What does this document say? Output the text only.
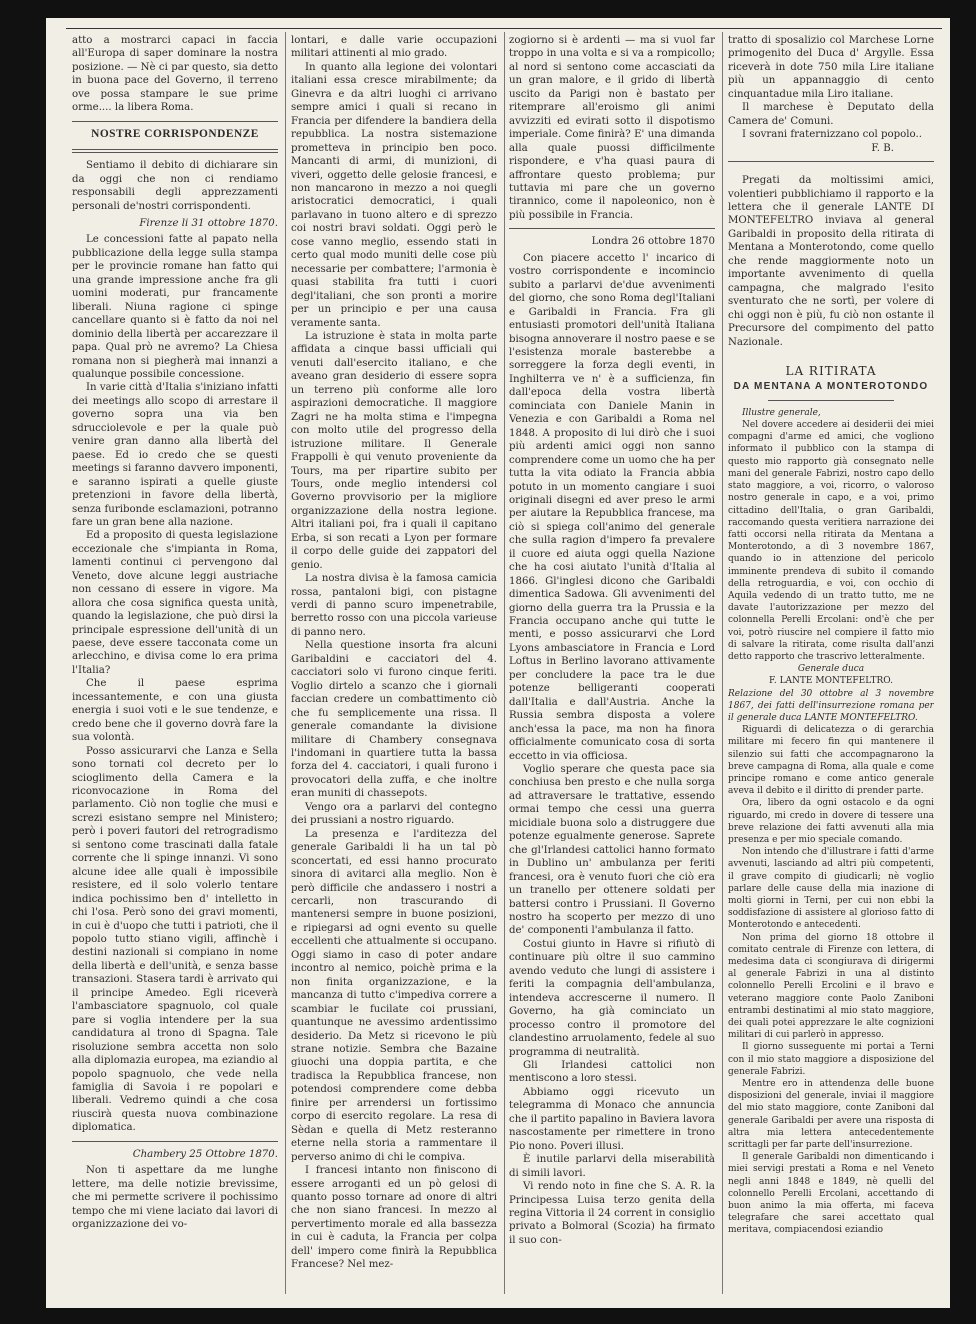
atto a mostrarci capaci in faccia all'Europa di saper dominare la nostra posizione. — Nè ci par questo, sia detto in buona pace del Governo, il terreno ove possa stampare le sue prime orme.... la libera Roma.

NOSTRE CORRISPONDENZE

Sentiamo il debito di dichiarare sin da oggi che non ci rendiamo responsabili degli apprezzamenti personali de'nostri corrispondenti.

Firenze li 31 ottobre 1870.

Le concessioni fatte al papato nella pubblicazione della legge sulla stampa per le provincie romane han fatto qui una grande impressione anche fra gli uomini moderati, pur francamente liberali. Niuna ragione ci spinge cancellare quanto si è fatto da noi nel dominio della libertà per accarezzare il papa. Qual prò ne avremo? La Chiesa romana non si piegherà mai innanzi a qualunque possibile concessione.

In varie città d'Italia s'iniziano infatti dei meetings allo scopo di arrestare il governo sopra una via ben sdrucciolevole e per la quale può venire gran danno alla libertà del paese. Ed io credo che se questi meetings si faranno davvero imponenti, e saranno ispirati a quelle giuste pretenzioni in favore della libertà, senza furibonde esclamazioni, potranno fare un gran bene alla nazione.

Ed a proposito di questa legislazione eccezionale che s'impianta in Roma, lamenti continui ci pervengono dal Veneto, dove alcune leggi austriache non cessano di essere in vigore. Ma allora che cosa significa questa unità, quando la legislazione, che può dirsi la principale espressione dell'unità di un paese, deve essere tacconata come un arlecchino, e divisa come lo era prima l'Italia?

Che il paese esprima incessantemente, e con una giusta energia i suoi voti e le sue tendenze, e credo bene che il governo dovrà fare la sua volontà.

Posso assicurarvi che Lanza e Sella sono tornati col decreto per lo scioglimento della Camera e la riconvocazione in Roma del parlamento. Ciò non toglie che musi e screzi esistano sempre nel Ministero; però i poveri fautori del retrogradismo si sentono come trascinati dalla fatale corrente che li spinge innanzi. Vi sono alcune idee alle quali è impossibile resistere, ed il solo volerlo tentare indica pochissimo ben d' intelletto in chi l'osa. Però sono dei gravi momenti, in cui è d'uopo che tutti i patrioti, che il popolo tutto stiano vigili, affinchè i destini nazionali si compiano in nome della libertà e dell'unità, e senza basse transazioni. Stasera tardi è arrivato qui il principe Amedeo. Egli riceverà l'ambasciatore spagnuolo, col quale pare si voglia intendere per la sua candidatura al trono di Spagna. Tale risoluzione sembra accetta non solo alla diplomazia europea, ma eziandio al popolo spagnuolo, che vede nella famiglia di Savoia i re popolari e liberali. Vedremo quindi a che cosa riuscirà questa nuova combinazione diplomatica.

Chambery 25 Ottobre 1870.

Non ti aspettare da me lunghe lettere, ma delle notizie brevissime, che mi permette scrivere il pochissimo tempo che mi viene laciato dai lavori di organizzazione dei vo-

lontari, e dalle varie occupazioni militari attinenti al mio grado.

In quanto alla legione dei volontari italiani essa cresce mirabilmente; da Ginevra e da altri luoghi ci arrivano sempre amici i quali si recano in Francia per difendere la bandiera della repubblica. La nostra sistemazione prometteva in principio ben poco. Mancanti di armi, di munizioni, di viveri, oggetto delle gelosie francesi, e non mancarono in mezzo a noi quegli aristocratici democratici, i quali parlavano in tuono altero e di sprezzo coi nostri bravi soldati. Oggi però le cose vanno meglio, essendo stati in certo qual modo muniti delle cose più necessarie per combattere; l'armonia è quasi stabilita fra tutti i cuori degl'italiani, che son pronti a morire per un principio e per una causa veramente santa.

La istruzione è stata in molta parte affidata a cinque bassi ufficiali qui venuti dall'esercito italiano, e che aveano gran desiderio di essere sopra un terreno più conforme alle loro aspirazioni democratiche. Il maggiore Zagri ne ha molta stima e l'impegna con molto utile del progresso della istruzione militare. Il Generale Frappolli è qui venuto proveniente da Tours, ma per ripartire subito per Tours, onde meglio intendersi col Governo provvisorio per la migliore organizzazione della nostra legione. Altri italiani poi, fra i quali il capitano Erba, si son recati a Lyon per formare il corpo delle guide dei zappatori del genio.

La nostra divisa è la famosa camicia rossa, pantaloni bigi, con pistagne verdi di panno scuro impenetrabile, berretto rosso con una piccola varieuse di panno nero.

Nella questione insorta fra alcuni Garibaldini e cacciatori del 4. cacciatori solo vi furono cinque feriti. Voglio dirtelo a scanzo che i giornali faccian credere un combattimento ciò che fu semplicemente una rissa. Il generale comandante la divisione militare di Chambery consegnava l'indomani in quartiere tutta la bassa forza del 4. cacciatori, i quali furono i provocatori della zuffa, e che inoltre eran muniti di chassepots.

Vengo ora a parlarvi del contegno dei prussiani a nostro riguardo.

La presenza e l'arditezza del generale Garibaldi li ha un tal pò sconcertati, ed essi hanno procurato sinora di avitarci alla meglio. Non è però difficile che andassero i nostri a cercarli, non trascurando di mantenersi sempre in buone posizioni, e ripiegarsi ad ogni evento su quelle eccellenti che attualmente si occupano. Oggi siamo in caso di poter andare incontro al nemico, poichè prima e la non finita organizzazione, e la mancanza di tutto c'impediva correre a scambiar le fucilate coi prussiani, quantunque ne avessimo ardentissimo desiderio. Da Metz si ricevono le più strane notizie. Sembra che Bazaine giuochi una doppia partita, e che tradisca la Repubblica francese, non potendosi comprendere come debba finire per arrendersi un fortissimo corpo di esercito regolare. La resa di Sèdan e quella di Metz resteranno eterne nella storia a rammentare il perverso animo di chi le compiva.

I francesi intanto non finiscono di essere arroganti ed un pò gelosi di quanto posso tornare ad onore di altri che non siano francesi. In mezzo al pervertimento morale ed alla bassezza in cui è caduta, la Francia per colpa dell' impero come finirà la Repubblica Francese? Nel mez-

zogiorno si è ardenti — ma si vuol far troppo in una volta e si va a rompicollo; al nord si sentono come accasciati da un gran malore, e il grido di libertà uscito da Parigi non è bastato per ritemprare all'eroismo gli animi avvizziti ed evirati sotto il dispotismo imperiale. Come finirà? E' una dimanda alla quale puossi difficilmente rispondere, e v'ha quasi paura di affrontare questo problema; pur tuttavia mi pare che un governo tirannico, come il napoleonico, non è più possibile in Francia.

Londra 26 ottobre 1870

Con piacere accetto l' incarico di vostro corrispondente e incomincio subito a parlarvi de'due avvenimenti del giorno, che sono Roma degl'Italiani e Garibaldi in Francia. Fra gli entusiasti promotori dell'unità Italiana bisogna annoverare il nostro paese e se l'esistenza morale basterebbe a sorreggere la forza degli eventi, in Inghilterra ve n' è a sufficienza, fin dall'epoca della vostra libertà cominciata con Daniele Manin in Venezia e con Garibaldi a Roma nel 1848. A proposito di lui dirò che i suoi più ardenti amici oggi non sanno comprendere come un uomo che ha per tutta la vita odiato la Francia abbia potuto in un momento cangiare i suoi originali disegni ed aver preso le armi per aiutare la Repubblica francese, ma ciò si spiega coll'animo del generale che sulla ragion d'impero fa prevalere il cuore ed aiuta oggi quella Nazione che ha cosi aiutato l'unità d'Italia al 1866. Gl'inglesi dicono che Garibaldi dimentica Sadowa. Gli avvenimenti del giorno della guerra tra la Prussia e la Francia occupano anche qui tutte le menti, e posso assicurarvi che Lord Lyons ambasciatore in Francia e Lord Loftus in Berlino lavorano attivamente per concludere la pace tra le due potenze belligeranti cooperati dall'Italia e dall'Austria. Anche la Russia sembra disposta a volere anch'essa la pace, ma non ha finora officialmente comunicato cosa di sorta eccetto in via officiosa.

Voglio sperare che questa pace sia conchiusa ben presto e che nulla sorga ad attraversare le trattative, essendo ormai tempo che cessi una guerra micidiale buona solo a distruggere due potenze egualmente generose. Saprete che gl'Irlandesi cattolici hanno formato in Dublino un' ambulanza per feriti francesi, ora è venuto fuori che ciò era un tranello per ottenere soldati per battersi contro i Prussiani. Il Governo nostro ha scoperto per mezzo di uno de' componenti l'ambulanza il fatto.

Costui giunto in Havre si rifiutò di continuare più oltre il suo cammino avendo veduto che lungi di assistere i feriti la compagnia dell'ambulanza, intendeva accrescerne il numero. Il Governo, ha già cominciato un processo contro il promotore del clandestino arruolamento, fedele al suo programma di neutralità.

Gli Irlandesi cattolici non mentiscono a loro stessi.

Abbiamo oggi ricevuto un telegramma di Monaco che annuncia che il partito papalino in Baviera lavora nascostamente per rimettere in trono Pio nono. Poveri illusi.

È inutile parlarvi della miserabilità di simili lavori.

Vi rendo noto in fine che S. A. R. la Principessa Luisa terzo genita della regina Vittoria il 24 corrent in consiglio privato a Bolmoral (Scozia) ha firmato il suo con-

tratto di sposalizio col Marchese Lorne primogenito del Duca d' Argylle. Essa riceverà in dote 750 mila Lire italiane più un appannaggio di cento cinquantadue mila Liro italiane.

Il marchese è Deputato della Camera de' Comuni.

I sovrani fraternizzano col popolo..

F. B.

Pregati da moltissimi amici, volentieri pubblichiamo il rapporto e la lettera che il generale LANTE DI MONTEFELTRO inviava al general Garibaldi in proposito della ritirata di Mentana a Monterotondo, come quello che rende maggiormente noto un importante avvenimento di quella campagna, che malgrado l'esito sventurato che ne sortì, per volere di chi oggi non è più, fu ciò non ostante il Precursore del compimento del patto Nazionale.

LA RITIRATA
DA MENTANA A MONTEROTONDO

Illustre generale,

Nel dovere accedere ai desiderii dei miei compagni d'arme ed amici, che vogliono informato il pubblico con la stampa di questo mio rapporto già consegnato nelle mani del generale Fabrizi, nostro capo dello stato maggiore, a voi, ricorro, o valoroso nostro generale in capo, e a voi, primo cittadino dell'Italia, o gran Garibaldi, raccomando questa veritiera narrazione dei fatti occorsi nella ritirata da Mentana a Monterotondo, a dì 3 novembre 1867, quando io in attenzione del pericolo imminente prendeva di subito il comando della retroguardia, e voi, con occhio di Aquila vedendo di un tratto tutto, me ne davate l'autorizzazione per mezzo del colonnella Perelli Ercolani: ond'è che per voi, potrò riuscire nel compiere il fatto mio di salvare la ritirata, come risulta dall'anzi detto rapporto che trascrivo letteralmente.

Generale duca

F. LANTE MONTEFELTRO.

Relazione del 30 ottobre al 3 novembre 1867, dei fatti dell'insurrezione romana per il generale duca LANTE MONTEFELTRO.

Riguardi di delicatezza o di gerarchia militare mi fecero fin qui mantenere il silenzio sui fatti che accompagnarono la breve campagna di Roma, alla quale e come principe romano e come antico generale aveva il debito e il diritto di prender parte.

Ora, libero da ogni ostacolo e da ogni riguardo, mi credo in dovere di tessere una breve relazione dei fatti avvenuti alla mia presenza e per mio speciale comando.

Non intendo che d'illustrare i fatti d'arme avvenuti, lasciando ad altri più competenti, il grave compito di giudicarli; nè voglio parlare delle cause della mia inazione di molti giorni in Terni, per cui non ebbi la soddisfazione di assistere al glorioso fatto di Monterotondo e antecedenti.

Non prima del giorno 18 ottobre il comitato centrale di Firenze con lettera, di medesima data ci scongiurava di dirigermi al generale Fabrizi in una al distinto colonnello Perelli Ercolini e il bravo e veterano maggiore conte Paolo Zaniboni entrambi destinatimi al mio stato maggiore, dei quali potei apprezzare le alte cognizioni militari di cui parlerò in appresso.

Il giorno susseguente mi portai a Terni con il mio stato maggiore a disposizione del generale Fabrizi.

Mentre ero in attendenza delle buone disposizioni del generale, inviai il maggiore del mio stato maggiore, conte Zaniboni dal generale Garibaldi per avere una risposta di altra mia lettera antecedentemente scrittagli per far parte dell'insurrezione.

Il generale Garibaldi non dimenticando i miei servigi prestati a Roma e nel Veneto negli anni 1848 e 1849, nè quelli del colonnello Perelli Ercolani, accettando di buon animo la mia offerta, mi faceva telegrafare che sarei accettato qual meritava, compiacendosi eziandio
